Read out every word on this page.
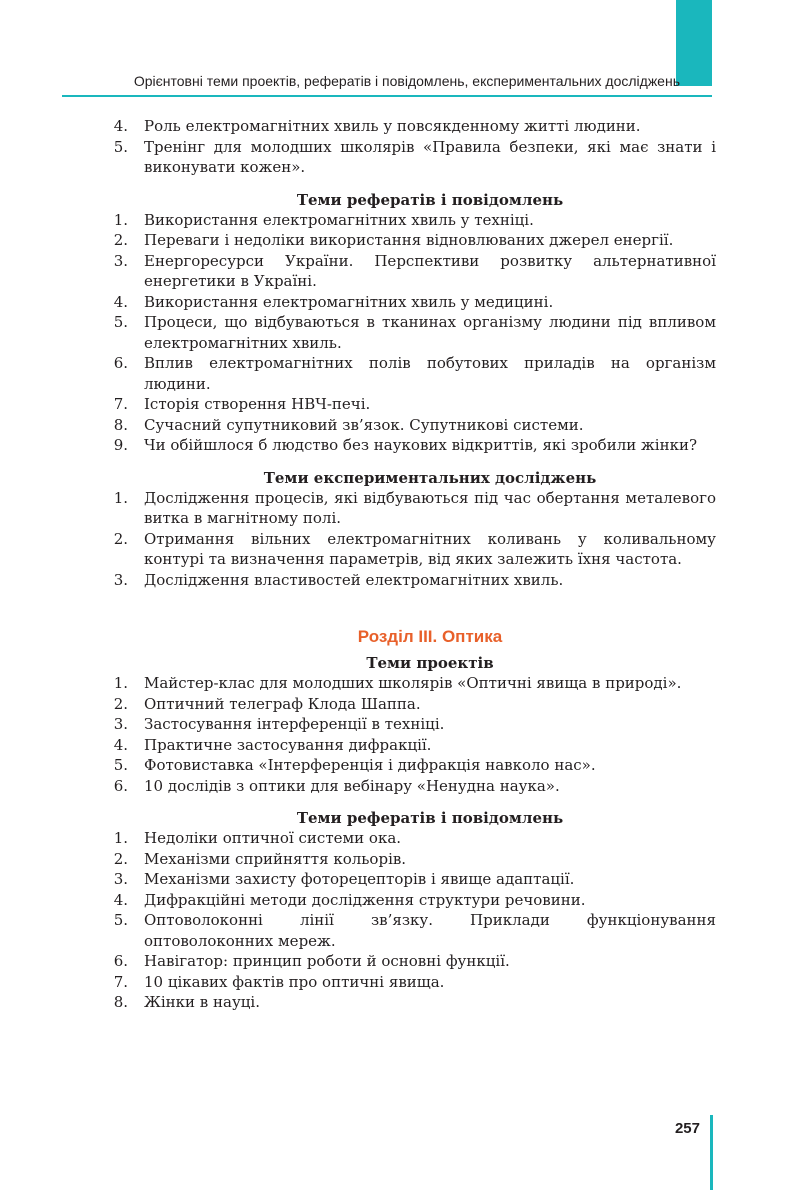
Орієнтовні теми проектів, рефератів і повідомлень, експериментальних досліджень
4. Роль електромагнітних хвиль у повсякденному житті людини.
5. Тренінг для молодших школярів «Правила безпеки, які має знати і виконувати кожен».
Теми рефератів і повідомлень
1. Використання електромагнітних хвиль у техніці.
2. Переваги і недоліки використання відновлюваних джерел енергії.
3. Енергоресурси України. Перспективи розвитку альтернативної енергетики в Україні.
4. Використання електромагнітних хвиль у медицині.
5. Процеси, що відбуваються в тканинах організму людини під впливом електромагнітних хвиль.
6. Вплив електромагнітних полів побутових приладів на організм людини.
7. Історія створення НВЧ-печі.
8. Сучасний супутниковий зв’язок. Супутникові системи.
9. Чи обійшлося б людство без наукових відкриттів, які зробили жінки?
Теми експериментальних досліджень
1. Дослідження процесів, які відбуваються під час обертання металевого витка в магнітному полі.
2. Отримання вільних електромагнітних коливань у коливальному контурі та визначення параметрів, від яких залежить їхня частота.
3. Дослідження властивостей електромагнітних хвиль.
Розділ III. Оптика
Теми проектів
1. Майстер-клас для молодших школярів «Оптичні явища в природі».
2. Оптичний телеграф Клода Шаппа.
3. Застосування інтерференції в техніці.
4. Практичне застосування дифракції.
5. Фотовиставка «Інтерференція і дифракція навколо нас».
6. 10 дослідів з оптики для вебінару «Ненудна наука».
Теми рефератів і повідомлень
1. Недоліки оптичної системи ока.
2. Механізми сприйняття кольорів.
3. Механізми захисту фоторецепторів і явище адаптації.
4. Дифракційні методи дослідження структури речовини.
5. Оптоволоконні лінії зв’язку. Приклади функціонування оптоволоконних мереж.
6. Навігатор: принцип роботи й основні функції.
7. 10 цікавих фактів про оптичні явища.
8. Жінки в науці.
257
